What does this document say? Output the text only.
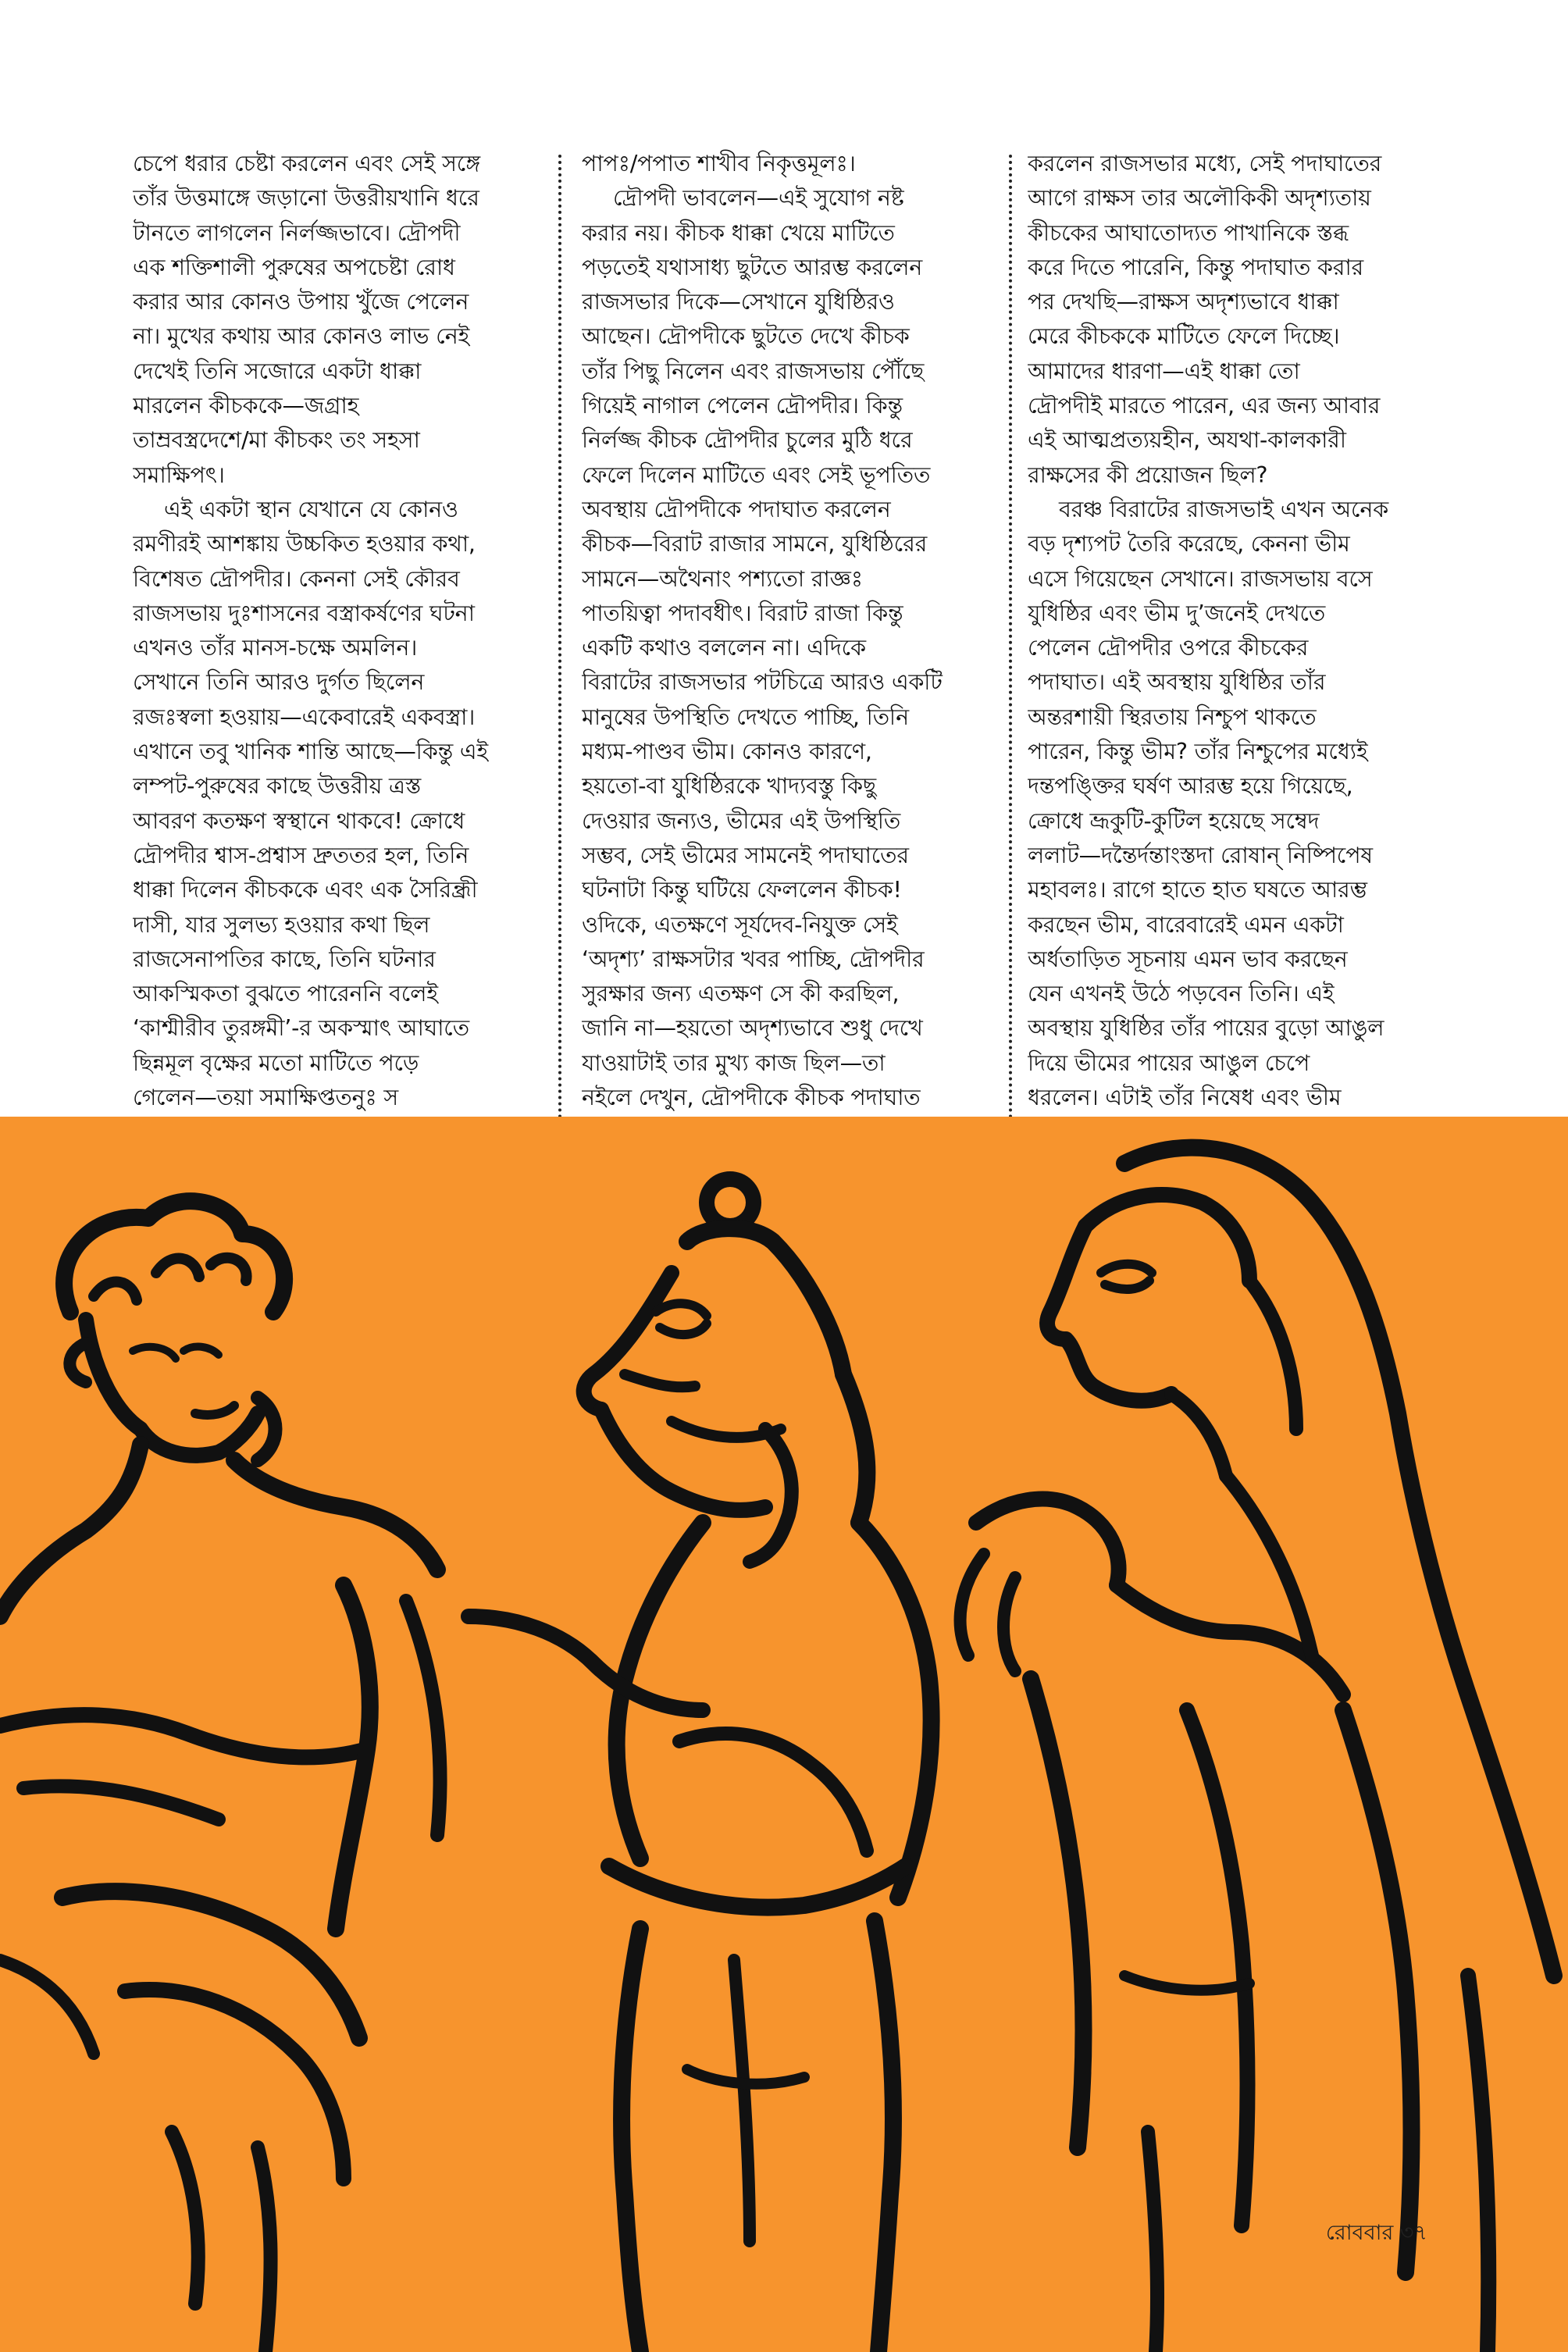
চেপে ধরার চেষ্টা করলেন এবং সেই সঙ্গে
তাঁর উত্তমাঙ্গে জড়ানো উত্তরীয়খানি ধরে
টানতে লাগলেন নির্লজ্জভাবে। দ্রৌপদী
এক শক্তিশালী পুরুষের অপচেষ্টা রোধ
করার আর কোনও উপায় খুঁজে পেলেন
না। মুখের কথায় আর কোনও লাভ নেই
দেখেই তিনি সজোরে একটা ধাক্কা
মারলেন কীচককে—জগ্রাহ
তাম্রবস্ত্রদেশে/মা কীচকং তং সহসা
সমাক্ষিপৎ।
এই একটা স্থান যেখানে যে কোনও
রমণীরই আশঙ্কায় উচ্চকিত হওয়ার কথা,
বিশেষত দ্রৌপদীর। কেননা সেই কৌরব
রাজসভায় দুঃশাসনের বস্ত্রাকর্ষণের ঘটনা
এখনও তাঁর মানস-চক্ষে অমলিন।
সেখানে তিনি আরও দুর্গত ছিলেন
রজঃস্বলা হওয়ায়—একেবারেই একবস্ত্রা।
এখানে তবু খানিক শান্তি আছে—কিন্তু এই
লম্পট-পুরুষের কাছে উত্তরীয় ত্রস্ত
আবরণ কতক্ষণ স্বস্থানে থাকবে! ক্রোধে
দ্রৌপদীর শ্বাস-প্রশ্বাস দ্রুততর হল, তিনি
ধাক্কা দিলেন কীচককে এবং এক সৈরিন্ধ্রী
দাসী, যার সুলভ্য হওয়ার কথা ছিল
রাজসেনাপতির কাছে, তিনি ঘটনার
আকস্মিকতা বুঝতে পারেননি বলেই
‘কাশ্মীরীব তুরঙ্গমী’-র অকস্মাৎ আঘাতে
ছিন্নমূল বৃক্ষের মতো মাটিতে পড়ে
গেলেন—তয়া সমাক্ষিপ্ততনুঃ স
পাপঃ/পপাত শাখীব নিকৃত্তমূলঃ।
দ্রৌপদী ভাবলেন—এই সুযোগ নষ্ট
করার নয়। কীচক ধাক্কা খেয়ে মাটিতে
পড়তেই যথাসাধ্য ছুটতে আরম্ভ করলেন
রাজসভার দিকে—সেখানে যুধিষ্ঠিরও
আছেন। দ্রৌপদীকে ছুটতে দেখে কীচক
তাঁর পিছু নিলেন এবং রাজসভায় পৌঁছে
গিয়েই নাগাল পেলেন দ্রৌপদীর। কিন্তু
নির্লজ্জ কীচক দ্রৌপদীর চুলের মুঠি ধরে
ফেলে দিলেন মাটিতে এবং সেই ভূপতিত
অবস্থায় দ্রৌপদীকে পদাঘাত করলেন
কীচক—বিরাট রাজার সামনে, যুধিষ্ঠিরের
সামনে—অথৈনাং পশ্যতো রাজ্ঞঃ
পাতয়িত্বা পদাবধীৎ। বিরাট রাজা কিন্তু
একটি কথাও বললেন না। এদিকে
বিরাটের রাজসভার পটচিত্রে আরও একটি
মানুষের উপস্থিতি দেখতে পাচ্ছি, তিনি
মধ্যম-পাণ্ডব ভীম। কোনও কারণে,
হয়তো-বা যুধিষ্ঠিরকে খাদ্যবস্তু কিছু
দেওয়ার জন্যও, ভীমের এই উপস্থিতি
সম্ভব, সেই ভীমের সামনেই পদাঘাতের
ঘটনাটা কিন্তু ঘটিয়ে ফেললেন কীচক!
ওদিকে, এতক্ষণে সূর্যদেব-নিযুক্ত সেই
‘অদৃশ্য’ রাক্ষসটার খবর পাচ্ছি, দ্রৌপদীর
সুরক্ষার জন্য এতক্ষণ সে কী করছিল,
জানি না—হয়তো অদৃশ্যভাবে শুধু দেখে
যাওয়াটাই তার মুখ্য কাজ ছিল—তা
নইলে দেখুন, দ্রৌপদীকে কীচক পদাঘাত
করলেন রাজসভার মধ্যে, সেই পদাঘাতের
আগে রাক্ষস তার অলৌকিকী অদৃশ্যতায়
কীচকের আঘাতোদ্যত পাখানিকে স্তব্ধ
করে দিতে পারেনি, কিন্তু পদাঘাত করার
পর দেখছি—রাক্ষস অদৃশ্যভাবে ধাক্কা
মেরে কীচককে মাটিতে ফেলে দিচ্ছে।
আমাদের ধারণা—এই ধাক্কা তো
দ্রৌপদীই মারতে পারেন, এর জন্য আবার
এই আত্মপ্রত্যয়হীন, অযথা-কালকারী
রাক্ষসের কী প্রয়োজন ছিল?
বরঞ্চ বিরাটের রাজসভাই এখন অনেক
বড় দৃশ্যপট তৈরি করেছে, কেননা ভীম
এসে গিয়েছেন সেখানে। রাজসভায় বসে
যুধিষ্ঠির এবং ভীম দু’জনেই দেখতে
পেলেন দ্রৌপদীর ওপরে কীচকের
পদাঘাত। এই অবস্থায় যুধিষ্ঠির তাঁর
অন্তরশায়ী স্থিরতায় নিশ্চুপ থাকতে
পারেন, কিন্তু ভীম? তাঁর নিশ্চুপের মধ্যেই
দন্তপঙ্ক্তির ঘর্ষণ আরম্ভ হয়ে গিয়েছে,
ক্রোধে ভ্রূকুটি-কুটিল হয়েছে সম্বেদ
ললাট—দন্তৈর্দন্তাংস্তদা রোষান্ নিষ্পিপেষ
মহাবলঃ। রাগে হাতে হাত ঘষতে আরম্ভ
করছেন ভীম, বারেবারেই এমন একটা
অর্ধতাড়িত সূচনায় এমন ভাব করছেন
যেন এখনই উঠে পড়বেন তিনি। এই
অবস্থায় যুধিষ্ঠির তাঁর পায়ের বুড়ো আঙুল
দিয়ে ভীমের পায়ের আঙুল চেপে
ধরলেন। এটাই তাঁর নিষেধ এবং ভীম
রোববার ৩৭
